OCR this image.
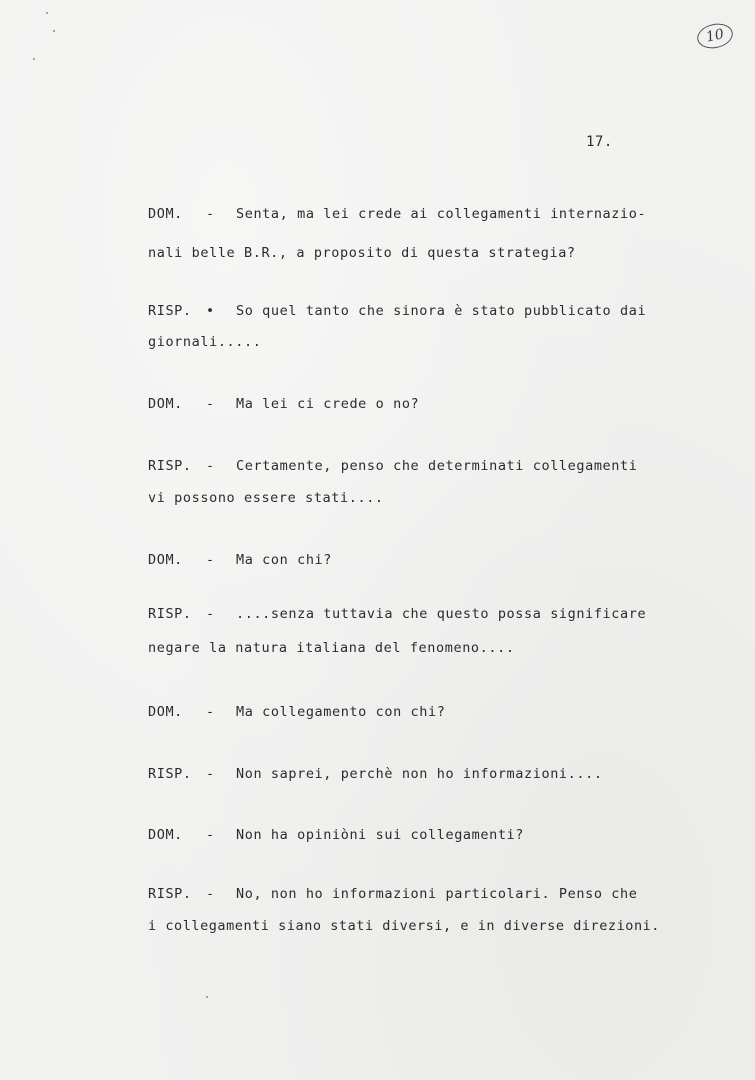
10
17.
DOM. - Senta, ma lei crede ai collegamenti internazio-
nali belle B.R., a proposito di questa strategia?
RISP. • So quel tanto che sinora è stato pubblicato dai
giornali.....
DOM. - Ma lei ci crede o no?
RISP. - Certamente, penso che determinati collegamenti
vi possono essere stati....
DOM. - Ma con chi?
RISP. - ....senza tuttavia che questo possa significare
negare la natura italiana del fenomeno....
DOM. - Ma collegamento con chi?
RISP. - Non saprei, perchè non ho informazioni....
DOM. - Non ha opiniòni sui collegamenti?
RISP. - No, non ho informazioni particolari. Penso che
i collegamenti siano stati diversi, e in diverse direzioni.
